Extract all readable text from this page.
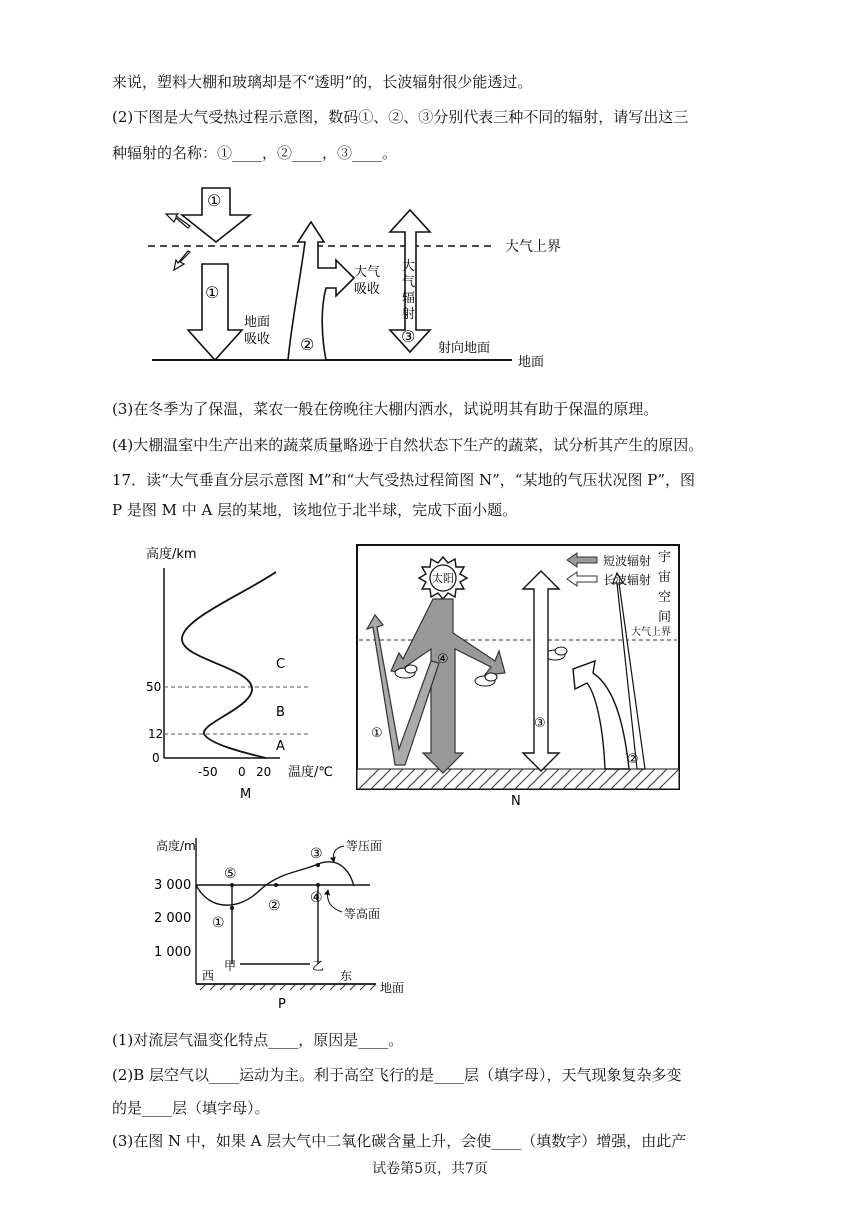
来说，塑料大棚和玻璃却是不“透明”的，长波辐射很少能透过。
(2)下图是大气受热过程示意图，数码①、②、③分别代表三种不同的辐射，请写出这三
种辐射的名称：①____，②____，③____。
大气上界
地面
①
①
地面
吸收 ②
大气
吸收
大
气
辐
射
③
射向地面
(3)在冬季为了保温，菜农一般在傍晚往大棚内洒水，试说明其有助于保温的原理。
(4)大棚温室中生产出来的蔬菜质量略逊于自然状态下生产的蔬菜，试分析其产生的原因。
17．读“大气垂直分层示意图 M”和“大气受热过程简图 N”，“某地的气压状况图 P”，图
P 是图 M 中 A 层的某地，该地位于北半球，完成下面小题。
高度/km
50
12
0
-50 0 20 温度/℃
C
B
A
M
大气上界
太阳
④
①
③
②
短波辐射
长波辐射
宇
宙
空
间
N
高度/m
地面
3 000
2 000
1 000
⑤
①
② ④
③ 等压面
等高面
西
甲	乙
东
P
(1)对流层气温变化特点____，原因是____。
(2)B 层空气以____运动为主。利于高空飞行的是____层（填字母），天气现象复杂多变
的是____层（填字母）。
(3)在图 N 中，如果 A 层大气中二氧化碳含量上升，会使____（填数字）增强，由此产
试卷第5页，共7页
